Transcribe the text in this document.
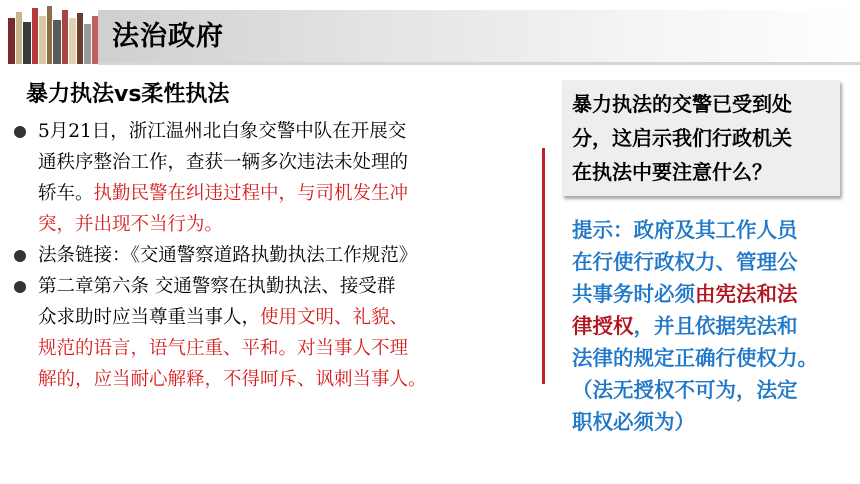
法治政府
暴力执法vs柔性执法
5月21日，浙江温州北白象交警中队在开展交
通秩序整治工作，查获一辆多次违法未处理的
轿车。执勤民警在纠违过程中，与司机发生冲
突，并出现不当行为。
法条链接：《交通警察道路执勤执法工作规范》
第二章第六条 交通警察在执勤执法、接受群
众求助时应当尊重当事人，使用文明、礼貌、
规范的语言，语气庄重、平和。对当事人不理
解的，应当耐心解释，不得呵斥、讽刺当事人。
暴力执法的交警已受到处
分，这启示我们行政机关
在执法中要注意什么？
提示：政府及其工作人员
在行使行政权力、管理公
共事务时必须由宪法和法
律授权，并且依据宪法和
法律的规定正确行使权力。
（法无授权不可为，法定
职权必须为）
